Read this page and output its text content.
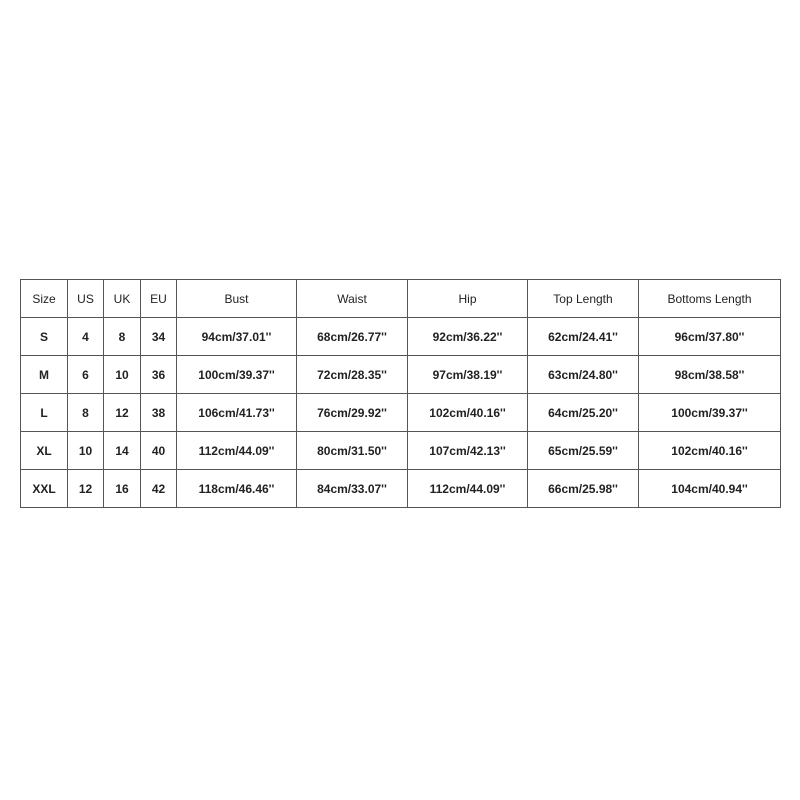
Size	US	UK	EU	Bust	Waist	Hip	Top Length	Bottoms Length
S	4	8	34	94cm/37.01''	68cm/26.77''	92cm/36.22''	62cm/24.41''	96cm/37.80''
M	6	10	36	100cm/39.37''	72cm/28.35''	97cm/38.19''	63cm/24.80''	98cm/38.58''
L	8	12	38	106cm/41.73''	76cm/29.92''	102cm/40.16''	64cm/25.20''	100cm/39.37''
XL	10	14	40	112cm/44.09''	80cm/31.50''	107cm/42.13''	65cm/25.59''	102cm/40.16''
XXL	12	16	42	118cm/46.46''	84cm/33.07''	112cm/44.09''	66cm/25.98''	104cm/40.94''
